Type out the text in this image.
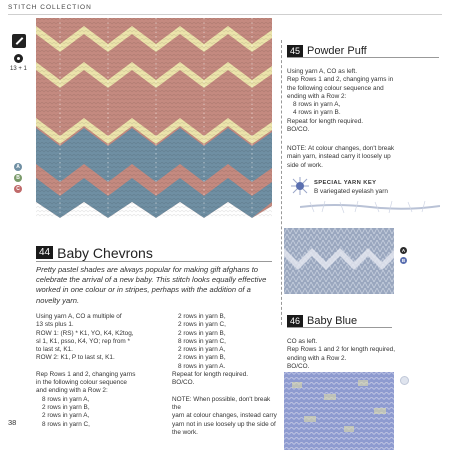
STITCH COLLECTION
13 + 1
A
B
C
45 Powder Puff
Using yarn A, CO as left.
Rep Rows 1 and 2, changing yarns in
the following colour sequence and
ending with a Row 2:
8 rows in yarn A,
4 rows in yarn B.
Repeat for length required.
BO/CO.
NOTE: At colour changes, don't break
main yarn, instead carry it loosely up
side of work.
SPECIAL YARN KEY
B variegated eyelash yarn
A
B
46 Baby Blue
CO as left.
Rep Rows 1 and 2 for length required,
ending with a Row 2.
BO/CO.
44 Baby Chevrons
Pretty pastel shades are always popular for making gift afghans to celebrate the arrival of a new baby. This stitch looks equally effective worked in one colour or in stripes, perhaps with the addition of a novelty yarn.
Using yarn A, CO a multiple of
13 sts plus 1.
ROW 1: (RS) * K1, YO, K4, K2tog,
sl 1, K1, psso, K4, YO; rep from *
to last st, K1.
ROW 2: K1, P to last st, K1.
Rep Rows 1 and 2, changing yarns
in the following colour sequence
and ending with a Row 2:
8 rows in yarn A,
2 rows in yarn B,
2 rows in yarn A,
8 rows in yarn C,
2 rows in yarn B,
2 rows in yarn C,
2 rows in yarn B,
8 rows in yarn C,
2 rows in yarn A,
2 rows in yarn B,
8 rows in yarn A.
Repeat for length required.
BO/CO.
NOTE: When possible, don't break the
yarn at colour changes, instead carry
yarn not in use loosely up the side of
the work.
38
